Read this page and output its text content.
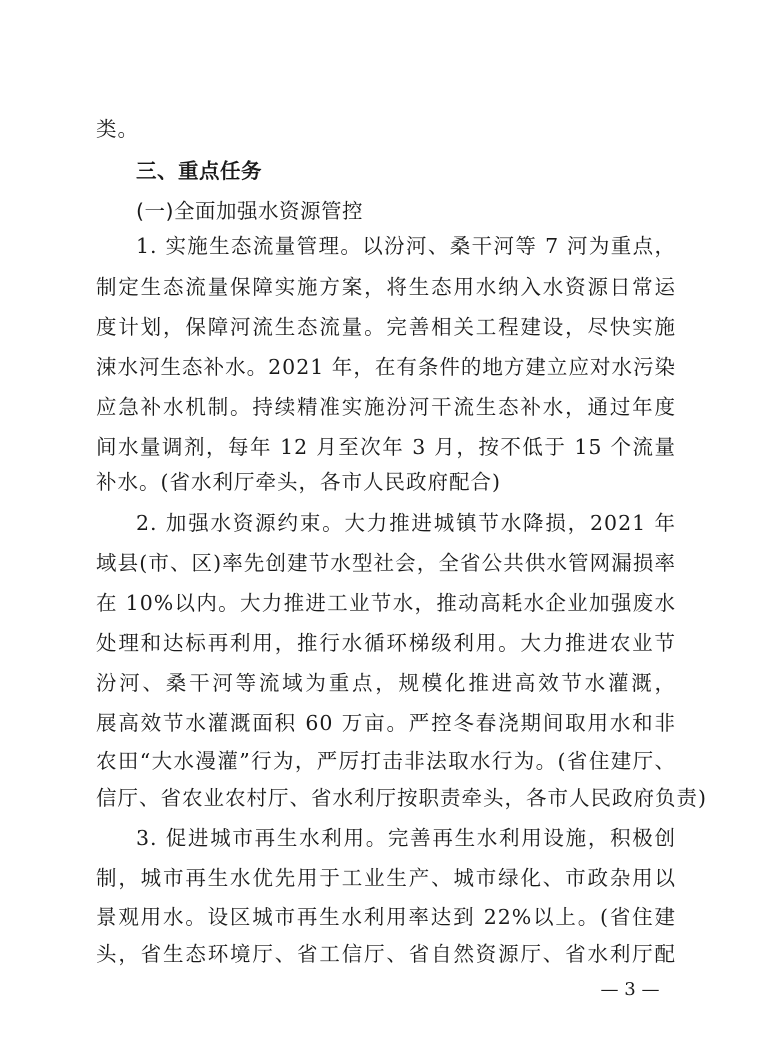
类。
三、重点任务
(一)全面加强水资源管控
1. 实施生态流量管理。以汾河、桑干河等 7 河为重点，
制定生态流量保障实施方案，将生态用水纳入水资源日常运
度计划，保障河流生态流量。完善相关工程建设，尽快实施
涑水河生态补水。2021 年，在有条件的地方建立应对水污染
应急补水机制。持续精准实施汾河干流生态补水，通过年度
间水量调剂，每年 12 月至次年 3 月，按不低于 15 个流量
补水。(省水利厅牵头，各市人民政府配合)
2. 加强水资源约束。大力推进城镇节水降损，2021 年
域县(市、区)率先创建节水型社会，全省公共供水管网漏损率
在 10%以内。大力推进工业节水，推动高耗水企业加强废水
处理和达标再利用，推行水循环梯级利用。大力推进农业节
汾河、桑干河等流域为重点，规模化推进高效节水灌溉，
展高效节水灌溉面积 60 万亩。严控冬春浇期间取用水和非
农田“大水漫灌”行为，严厉打击非法取水行为。(省住建厅、
信厅、省农业农村厅、省水利厅按职责牵头，各市人民政府负责)
3. 促进城市再生水利用。完善再生水利用设施，积极创
制，城市再生水优先用于工业生产、城市绿化、市政杂用以
景观用水。设区城市再生水利用率达到 22%以上。(省住建
头，省生态环境厅、省工信厅、省自然资源厅、省水利厅配
— 3 —
